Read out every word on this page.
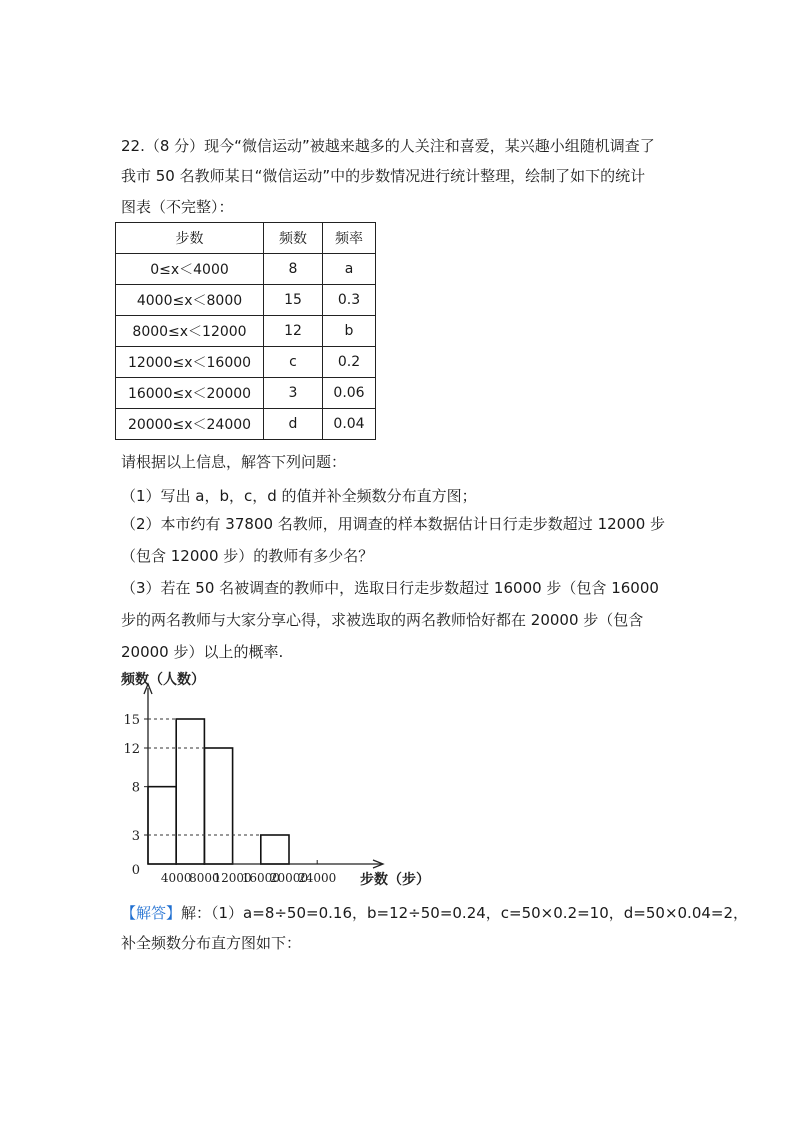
22.（8 分）现今“微信运动”被越来越多的人关注和喜爱，某兴趣小组随机调查了
我市 50 名教师某日“微信运动”中的步数情况进行统计整理，绘制了如下的统计
图表（不完整）：
步数	频数	频率
0≤x＜4000	8	a
4000≤x＜8000	15	0.3
8000≤x＜12000	12	b
12000≤x＜16000	c	0.2
16000≤x＜20000	3	0.06
20000≤x＜24000	d	0.04
请根据以上信息，解答下列问题：
（1）写出 a，b，c，d 的值并补全频数分布直方图；
（2）本市约有 37800 名教师，用调查的样本数据估计日行走步数超过 12000 步
（包含 12000 步）的教师有多少名？
（3）若在 50 名被调查的教师中，选取日行走步数超过 16000 步（包含 16000
步的两名教师与大家分享心得，求被选取的两名教师恰好都在 20000 步（包含
20000 步）以上的概率.
频数（人数）
步数（步）
3
8
12
15
0 4000
8000
12000
16000
20000
24000
【解答】解：（1）a=8÷50=0.16，b=12÷50=0.24，c=50×0.2=10，d=50×0.04=2，
补全频数分布直方图如下：
